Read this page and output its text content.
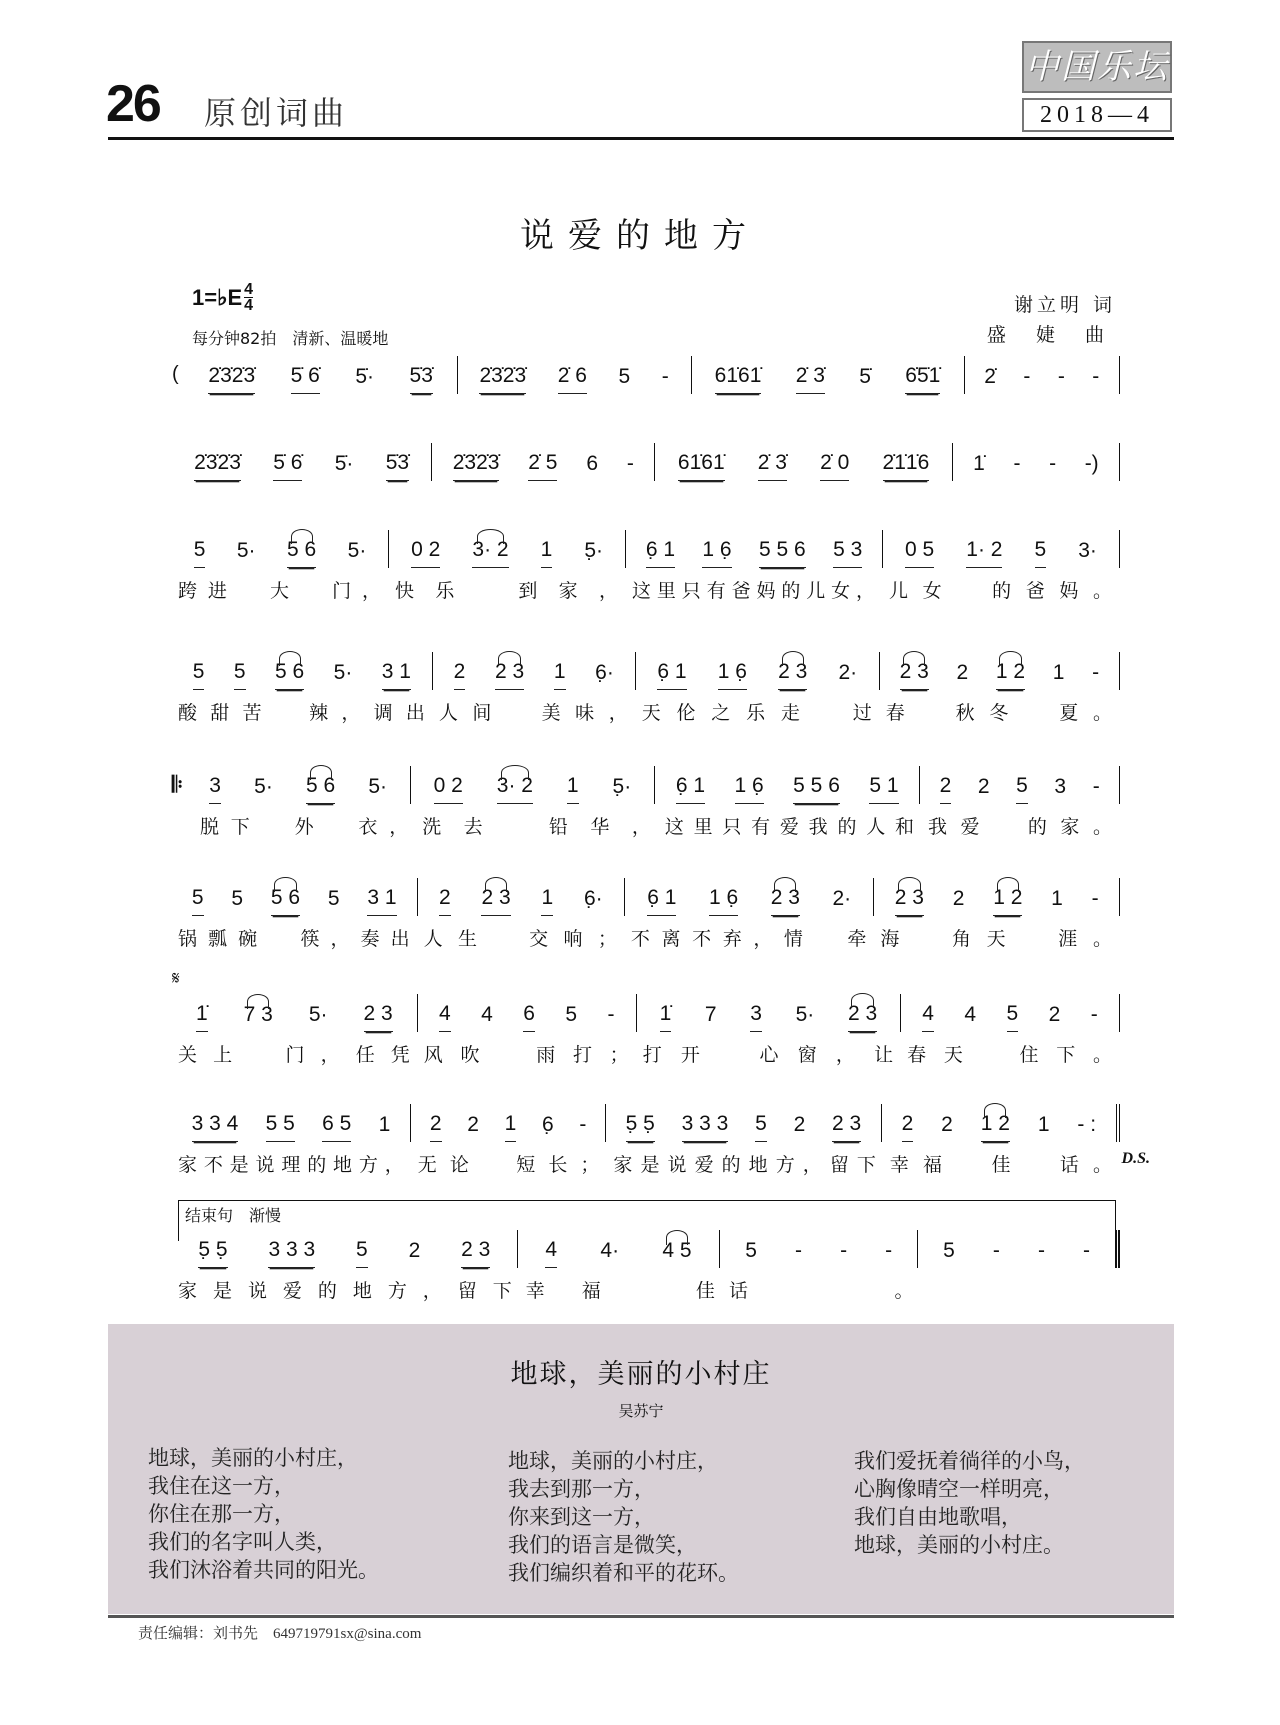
26 原创词曲
中国乐坛
2018—4
说爱的地方
1=♭E $\frac{4}{4}$
每分钟82拍　清新、温暖地
谢立明 词
盛 婕 曲
( 2̇3̇2̇3̇ 5̇ 6̇ 5̇· 5̇3̇ 2̇3̇2̇3̇ 2̇ 6 5 - 61̇61̇ 2̇ 3̇ 5̇ 6̇5̇1̇ 2̇ - - -
2̇3̇2̇3̇ 5̇ 6̇ 5̇· 5̇3̇ 2̇3̇2̇3̇ 2̇ 5 6 - 61̇61̇ 2̇ 3̇ 2̇ 0 2̇1̇1̇6 1̇ - - -)
5 5· 5 6 5· 0 2 3· 2 1 5̣· 6̣ 1 1 6̣ 5 5 6 5 3 0 5 1· 2 5 3·
跨进 大 门， 快乐 到家， 这里只有爸妈的儿女， 儿女 的爸妈。
5 5 5 6 5· 3 1 2 2 3 1 6̣· 6̣ 1 1 6̣ 2 3 2· 2 3 2 1 2 1 -
酸甜苦 辣，调出 人间 美味， 天伦之乐走 过 春 秋冬 夏。
𝄆 3 5· 5 6 5· 0 2 3· 2 1 5̣· 6̣ 1 1 6̣ 5 5 6 5 1 2 2 5 3 -
脱下 外 衣， 洗去 铅华， 这里只有爱我的人和 我爱 的家。
5 5 5 6 5 3 1 2 2 3 1 6̣· 6̣ 1 1 6̣ 2 3 2· 2 3 2 1 2 1 -
锅瓢碗 筷，奏出 人生 交响； 不离不弃，情 牵 海 角天 涯。
𝄋
1̇ 7 3 5· 2 3 4 4 6 5 - 1̇ 7 3 5· 2 3 4 4 5 2 -
关上 门，任凭 风吹 雨打； 打开 心窗，让 春天 住下。
3 3 4 5 5 6 5 1 2 2 1 6̣ - 5̣ 5̣ 3 3 3 5 2 2 3 2 2 1 2 1 - :
D.S.
家不是说理的地方， 无论 短长； 家是说爱的地方，留下 幸福 佳 话。
5̣ 5̣ 3 3 3 5 2 2 3	4 4· 4 5	5 - - - 5 - - -
家是说爱的地方，留下 幸福 佳 话。
结束句　渐慢
地球，美丽的小村庄
吴苏宁
地球，美丽的小村庄，
我住在这一方，
你住在那一方，
我们的名字叫人类，
我们沐浴着共同的阳光。
地球，美丽的小村庄，
我去到那一方，
你来到这一方，
我们的语言是微笑，
我们编织着和平的花环。
我们爱抚着徜徉的小鸟，
心胸像晴空一样明亮，
我们自由地歌唱，
地球，美丽的小村庄。
责任编辑：刘书先　649719791sx@sina.com
